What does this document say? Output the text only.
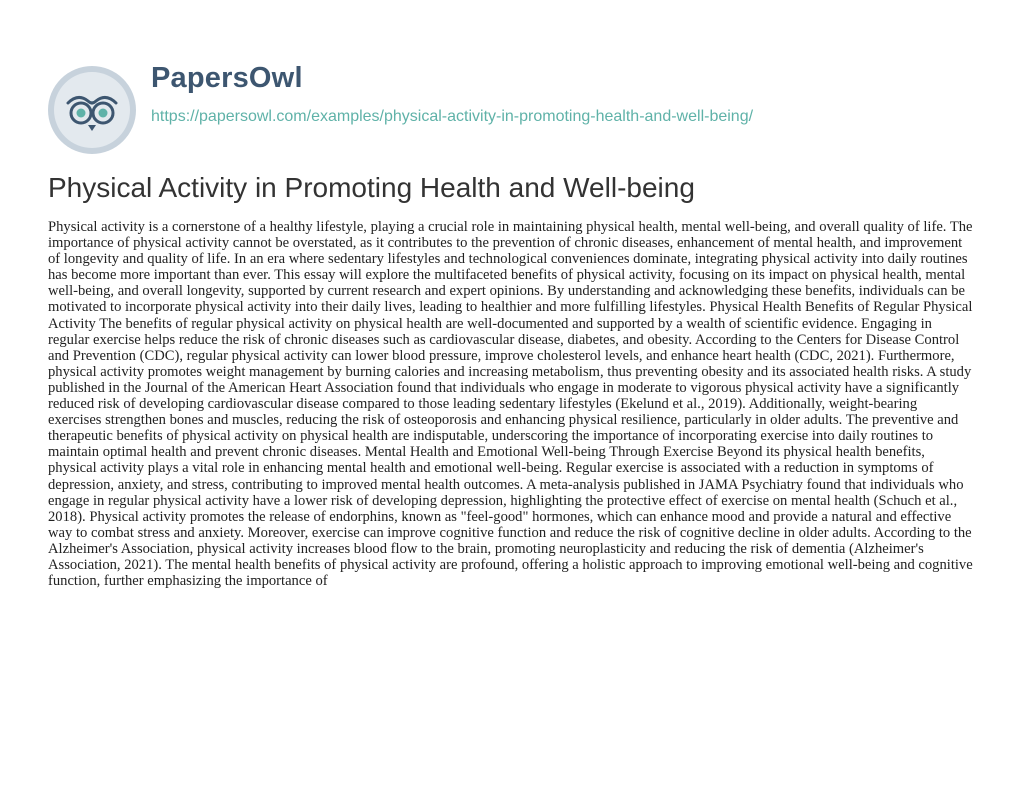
PapersOwl
https://papersowl.com/examples/physical-activity-in-promoting-health-and-well-being/
Physical Activity in Promoting Health and Well-being

Physical activity is a cornerstone of a healthy lifestyle, playing a crucial role in maintaining physical health, mental well-being, and overall quality of life. The importance of physical activity cannot be overstated, as it contributes to the prevention of chronic diseases, enhancement of mental health, and improvement of longevity and quality of life. In an era where sedentary lifestyles and technological conveniences dominate, integrating physical activity into daily routines has become more important than ever. This essay will explore the multifaceted benefits of physical activity, focusing on its impact on physical health, mental well-being, and overall longevity, supported by current research and expert opinions. By understanding and acknowledging these benefits, individuals can be motivated to incorporate physical activity into their daily lives, leading to healthier and more fulfilling lifestyles. Physical Health Benefits of Regular Physical Activity The benefits of regular physical activity on physical health are well-documented and supported by a wealth of scientific evidence. Engaging in regular exercise helps reduce the risk of chronic diseases such as cardiovascular disease, diabetes, and obesity. According to the Centers for Disease Control and Prevention (CDC), regular physical activity can lower blood pressure, improve cholesterol levels, and enhance heart health (CDC, 2021). Furthermore, physical activity promotes weight management by burning calories and increasing metabolism, thus preventing obesity and its associated health risks. A study published in the Journal of the American Heart Association found that individuals who engage in moderate to vigorous physical activity have a significantly reduced risk of developing cardiovascular disease compared to those leading sedentary lifestyles (Ekelund et al., 2019). Additionally, weight-bearing exercises strengthen bones and muscles, reducing the risk of osteoporosis and enhancing physical resilience, particularly in older adults. The preventive and therapeutic benefits of physical activity on physical health are indisputable, underscoring the importance of incorporating exercise into daily routines to maintain optimal health and prevent chronic diseases. Mental Health and Emotional Well-being Through Exercise Beyond its physical health benefits, physical activity plays a vital role in enhancing mental health and emotional well-being. Regular exercise is associated with a reduction in symptoms of depression, anxiety, and stress, contributing to improved mental health outcomes. A meta-analysis published in JAMA Psychiatry found that individuals who engage in regular physical activity have a lower risk of developing depression, highlighting the protective effect of exercise on mental health (Schuch et al., 2018). Physical activity promotes the release of endorphins, known as "feel-good" hormones, which can enhance mood and provide a natural and effective way to combat stress and anxiety. Moreover, exercise can improve cognitive function and reduce the risk of cognitive decline in older adults. According to the Alzheimer's Association, physical activity increases blood flow to the brain, promoting neuroplasticity and reducing the risk of dementia (Alzheimer's Association, 2021). The mental health benefits of physical activity are profound, offering a holistic approach to improving emotional well-being and cognitive function, further emphasizing the importance of
